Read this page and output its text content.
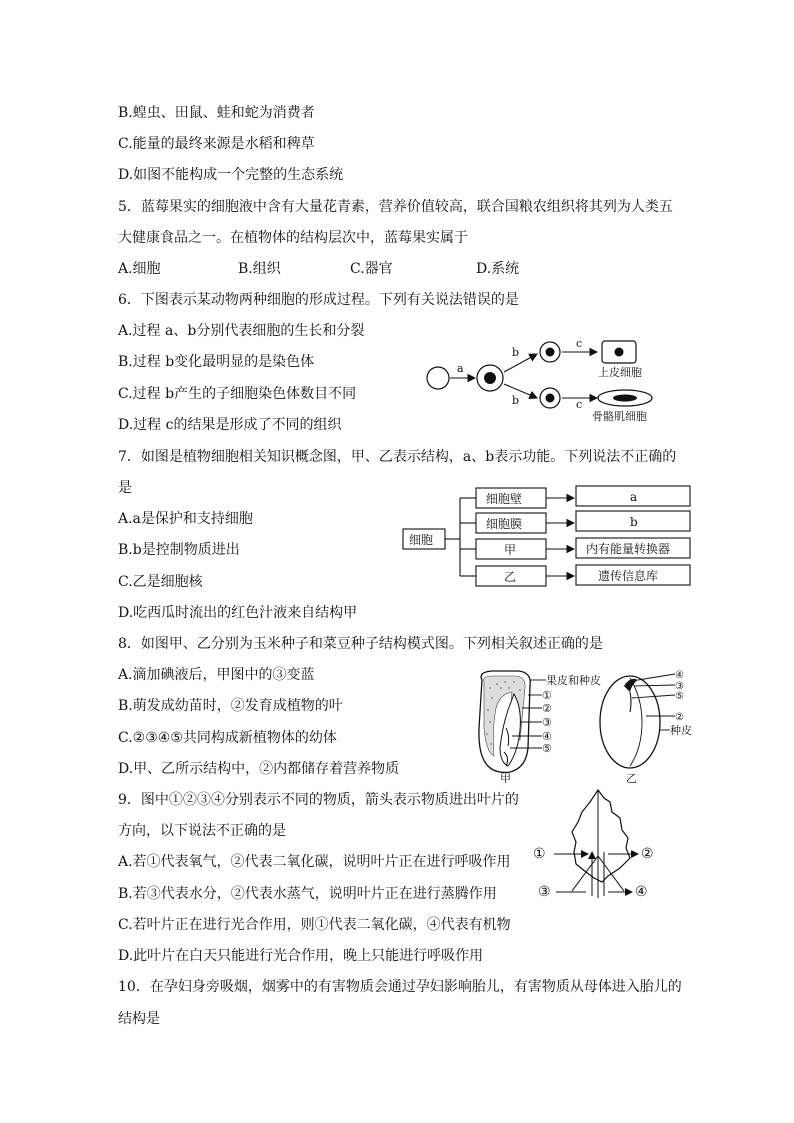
B.蝗虫、田鼠、蛙和蛇为消费者
C.能量的最终来源是水稻和稗草
D.如图不能构成一个完整的生态系统
5．蓝莓果实的细胞液中含有大量花青素，营养价值较高，联合国粮农组织将其列为人类五
大健康食品之一。在植物体的结构层次中，蓝莓果实属于
A.细胞	B.组织	C.器官	D.系统
6．下图表示某动物两种细胞的形成过程。下列有关说法错误的是
A.过程 a、b分别代表细胞的生长和分裂
B.过程 b变化最明显的是染色体
C.过程 b产生的子细胞染色体数目不同
D.过程 c的结果是形成了不同的组织
a
b
b
c
c
上皮细胞
骨骼肌细胞
7．如图是植物细胞相关知识概念图，甲、乙表示结构，a、b表示功能。下列说法不正确的
是
A.a是保护和支持细胞
B.b是控制物质进出
C.乙是细胞核
D.吃西瓜时流出的红色汁液来自结构甲
细胞
细胞壁
细胞膜
甲
乙
a
b
内有能量转换器
遗传信息库
8．如图甲、乙分别为玉米种子和菜豆种子结构模式图。下列相关叙述正确的是
A.滴加碘液后，甲图中的③变蓝
B.萌发成幼苗时，②发育成植物的叶
C.②③④⑤共同构成新植物体的幼体
D.甲、乙所示结构中，②内都储存着营养物质
果皮和种皮
①
②
③
④
⑤
甲
④
③
⑤
②
种皮
乙
9．图中①②③④分别表示不同的物质，箭头表示物质进出叶片的
方向，以下说法不正确的是
A.若①代表氧气，②代表二氧化碳，说明叶片正在进行呼吸作用
B.若③代表水分，②代表水蒸气，说明叶片正在进行蒸腾作用
C.若叶片正在进行光合作用，则①代表二氧化碳，④代表有机物
D.此叶片在白天只能进行光合作用，晚上只能进行呼吸作用
①	②
③	④
10．在孕妇身旁吸烟，烟雾中的有害物质会通过孕妇影响胎儿，有害物质从母体进入胎儿的
结构是
